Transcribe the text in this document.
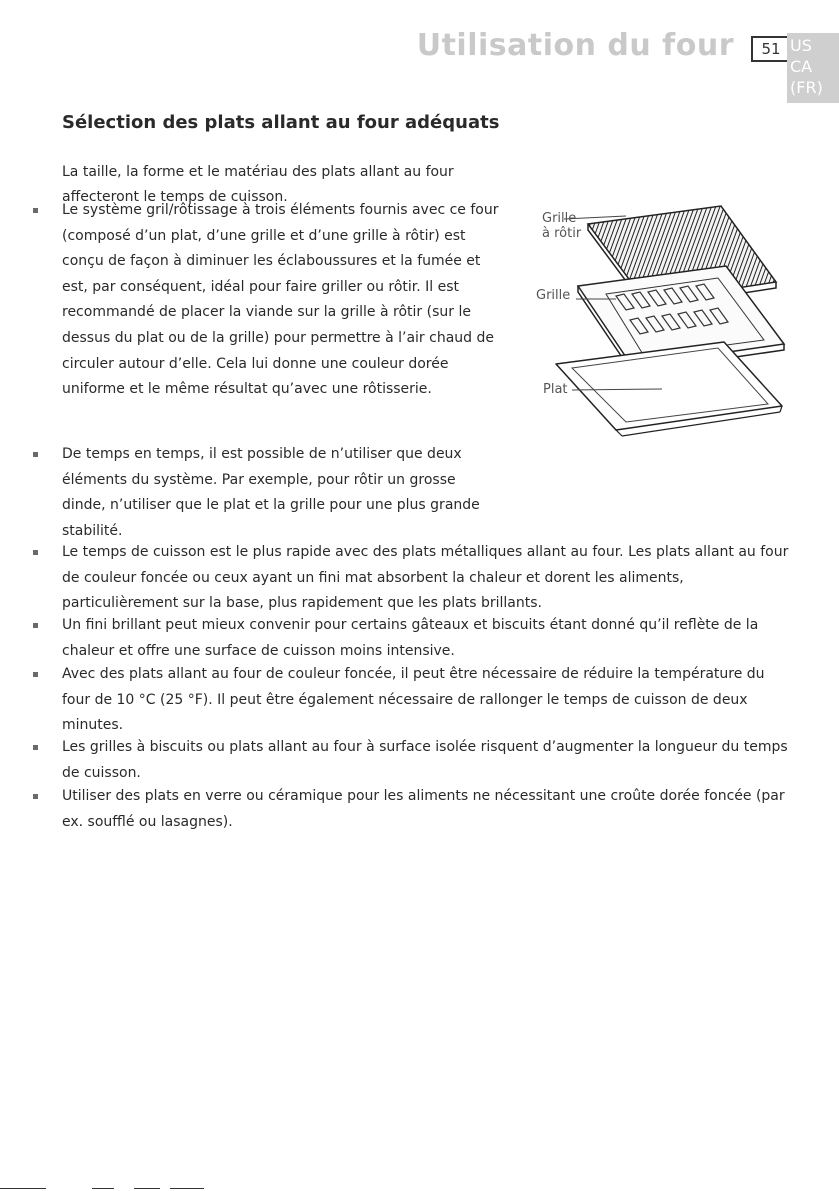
Utilisation du four	51 US
CA
(FR)
Sélection des plats allant au four adéquats

La taille, la forme et le matériau des plats allant au four affecteront le temps de cuisson.

Le système gril/rôtissage à trois éléments fournis avec ce four (composé d’un plat, d’une grille et d’une grille à rôtir) est conçu de façon à diminuer les éclaboussures et la fumée et est, par conséquent, idéal pour faire griller ou rôtir. Il est recommandé de placer la viande sur la grille à rôtir (sur le dessus du plat ou de la grille) pour permettre à l’air chaud de circuler autour d’elle. Cela lui donne une couleur dorée uniforme et le même résultat qu’avec une rôtisserie.
De temps en temps, il est possible de n’utiliser que deux éléments du système. Par exemple, pour rôtir un grosse dinde, n’utiliser que le plat et la grille pour une plus grande stabilité.
Le temps de cuisson est le plus rapide avec des plats métalliques allant au four. Les plats allant au four de couleur foncée ou ceux ayant un fini mat absorbent la chaleur et dorent les aliments, particulièrement sur la base, plus rapidement que les plats brillants.
Un fini brillant peut mieux convenir pour certains gâteaux et biscuits étant donné qu’il reflète de la chaleur et offre une surface de cuisson moins intensive.
Avec des plats allant au four de couleur foncée, il peut être nécessaire de réduire la température du four de 10 °C (25 °F). Il peut être également nécessaire de rallonger le temps de cuisson de deux minutes.
Les grilles à biscuits ou plats allant au four à surface isolée risquent d’augmenter la longueur du temps de cuisson.
Utiliser des plats en verre ou céramique pour les aliments ne nécessitant une croûte dorée foncée (par ex. soufflé ou lasagnes).
Grille
à rôtir
Grille
Plat
